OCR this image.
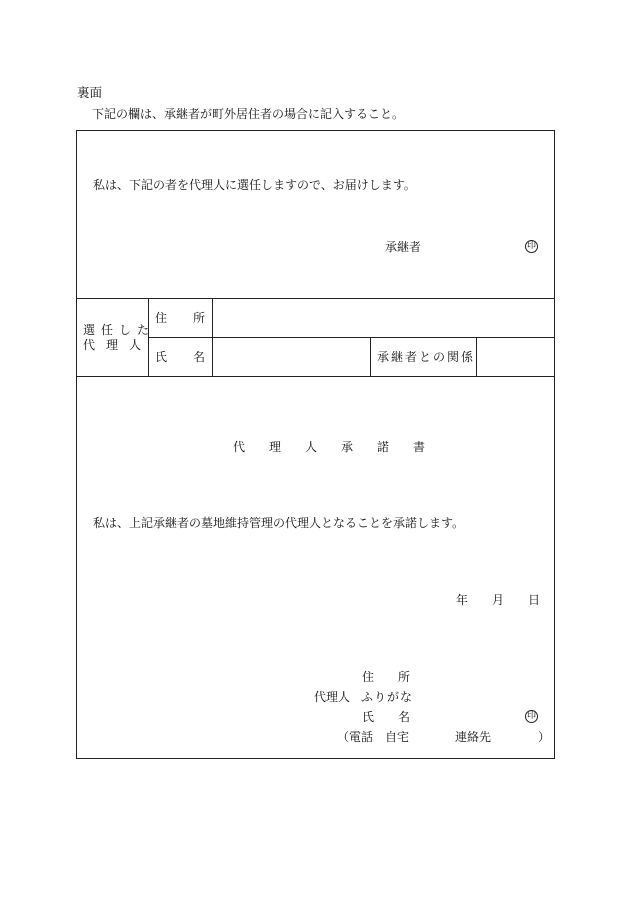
裏面
下記の欄は、承継者が町外居住者の場合に記入すること。
私は、下記の者を代理人に選任しますので、お届けします。
承継者	印
選任した
代理人
住所
氏名	承継者との関係
代理人承諾書
私は、上記承継者の墓地維持管理の代理人となることを承諾します。
年 月 日
住所
代理人 ふりがな
氏名	印
（電話 自宅	連絡先	）
